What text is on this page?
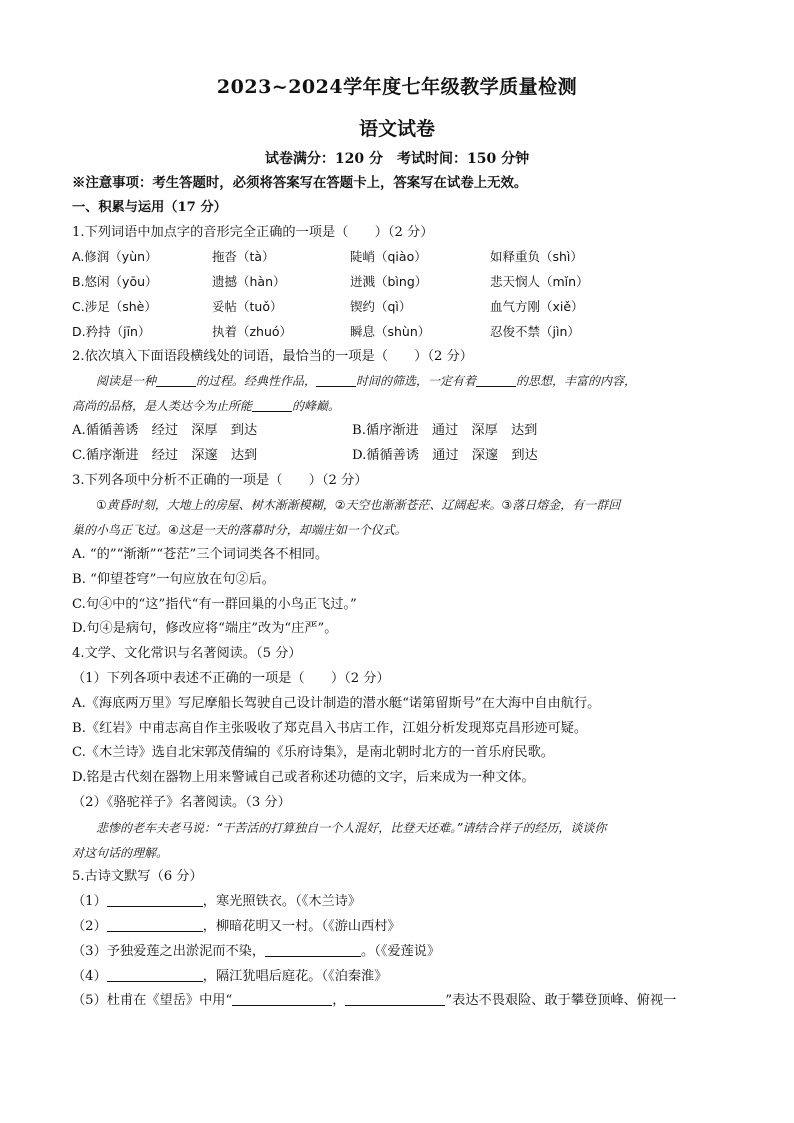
2023~2024学年度七年级教学质量检测
语文试卷
试卷满分：120 分 考试时间：150 分钟
※注意事项：考生答题时，必须将答案写在答题卡上，答案写在试卷上无效。
一、积累与运用（17 分）
1.下列词语中加点字的音形完全正确的一项是（　　）（2 分）
A.修润（yùn）	拖沓（tà）	陡峭（qiào）	如释重负（shì）
B.悠闲（yōu）	遗撼（hàn）	迸溅（bìng）	悲天悯人（mǐn）
C.涉足（shè）	妥帖（tuǒ）	锲约（qì）	血气方刚（xiě）
D.矜持（jīn）	执着（zhuó）	瞬息（shùn）	忍俊不禁（jìn）
2.依次填入下面语段横线处的词语，最恰当的一项是（　　）（2 分）
阅读是一种	的过程。经典性作品，	时间的筛选，一定有着	的思想，丰富的内容，
高尚的品格，是人类达今为止所能	的峰巅。
A.循循善诱　经过　深厚　到达	B.循序渐进　通过　深厚　达到
C.循序渐进　经过　深邃　达到	D.循循善诱　通过　深邃　到达
3.下列各项中分析不正确的一项是（　　）（2 分）
①黄昏时刻，大地上的房屋、树木渐渐模糊，②天空也渐渐苍茫、辽阔起来。③落日熔金，有一群回
巢的小鸟正飞过。④这是一天的落幕时分，却端庄如一个仪式。
A. “的”“渐渐”“苍茫”三个词词类各不相同。
B. “仰望苍穹”一句应放在句②后。
C.句④中的“这”指代“有一群回巢的小鸟正飞过。”
D.句④是病句，修改应将“端庄”改为“庄严”。
4.文学、文化常识与名著阅读。（5 分）
（1）下列各项中表述不正确的一项是（　　）（2 分）
A.《海底两万里》写尼摩船长驾驶自己设计制造的潜水艇“诺第留斯号”在大海中自由航行。
B.《红岩》中甫志高自作主张吸收了郑克昌入书店工作，江姐分析发现郑克昌形迹可疑。
C.《木兰诗》选自北宋郭茂倩编的《乐府诗集》，是南北朝时北方的一首乐府民歌。
D.铭是古代刻在器物上用来警诫自己或者称述功德的文字，后来成为一种文体。
（2）《骆驼祥子》名著阅读。（3 分）
悲惨的老车夫老马说：“干苦活的打算独自一个人混好，比登天还难。”请结合祥子的经历，谈谈你
对这句话的理解。
5.古诗文默写（6 分）
（1）	，寒光照铁衣。（《木兰诗》
（2）	，柳暗花明又一村。（《游山西村》
（3）予独爱莲之出淤泥而不染，	。（《爱莲说》
（4）	，隔江犹唱后庭花。（《泊秦淮》
（5）杜甫在《望岳》中用“	，	”表达不畏艰险、敢于攀登顶峰、俯视一
